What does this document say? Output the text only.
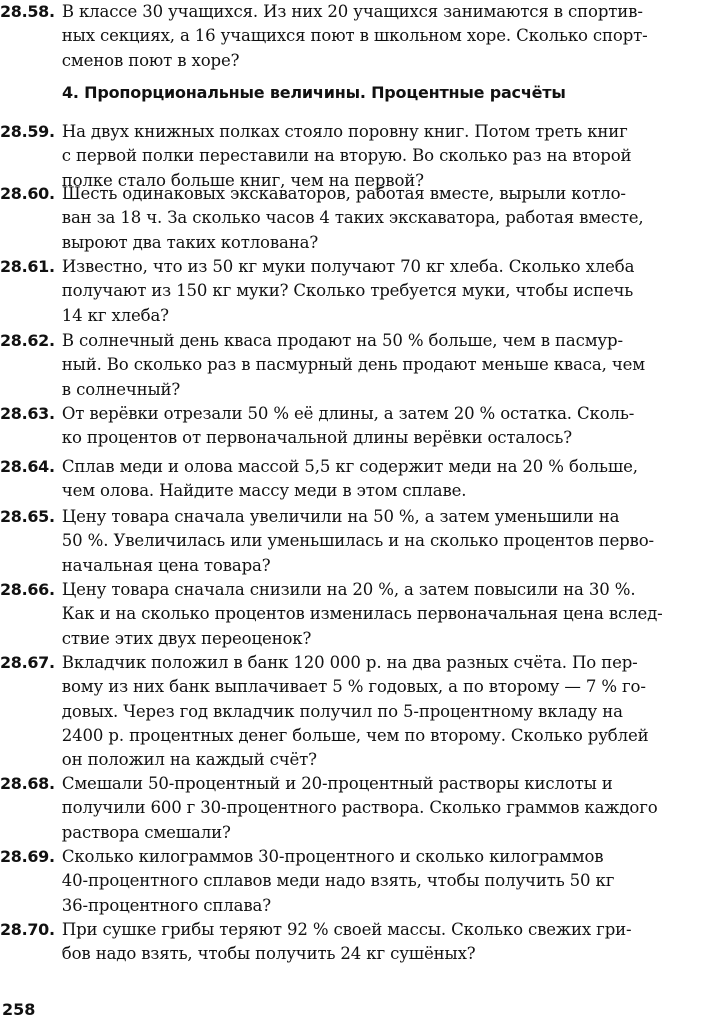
4. Пропорциональные величины. Процентные расчёты
28.58. В классе 30 учащихся. Из них 20 учащихся занимаются в спортив-
ных секциях, а 16 учащихся поют в школьном хоре. Сколько спорт-
сменов поют в хоре?
28.59. На двух книжных полках стояло поровну книг. Потом треть книг
с первой полки переставили на вторую. Во сколько раз на второй
полке стало больше книг, чем на первой?
28.60. Шесть одинаковых экскаваторов, работая вместе, вырыли котло-
ван за 18 ч. За сколько часов 4 таких экскаватора, работая вместе,
выроют два таких котлована?
28.61. Известно, что из 50 кг муки получают 70 кг хлеба. Сколько хлеба
получают из 150 кг муки? Сколько требуется муки, чтобы испечь
14 кг хлеба?
28.62. В солнечный день кваса продают на 50 % больше, чем в пасмур-
ный. Во сколько раз в пасмурный день продают меньше кваса, чем
в солнечный?
28.63. От верёвки отрезали 50 % её длины, а затем 20 % остатка. Сколь-
ко процентов от первоначальной длины верёвки осталось?
28.64. Сплав меди и олова массой 5,5 кг содержит меди на 20 % больше,
чем олова. Найдите массу меди в этом сплаве.
28.65. Цену товара сначала увеличили на 50 %, а затем уменьшили на
50 %. Увеличилась или уменьшилась и на сколько процентов перво-
начальная цена товара?
28.66. Цену товара сначала снизили на 20 %, а затем повысили на 30 %.
Как и на сколько процентов изменилась первоначальная цена вслед-
ствие этих двух переоценок?
28.67. Вкладчик положил в банк 120 000 р. на два разных счёта. По пер-
вому из них банк выплачивает 5 % годовых, а по второму — 7 % го-
довых. Через год вкладчик получил по 5-процентному вкладу на
2400 р. процентных денег больше, чем по второму. Сколько рублей
он положил на каждый счёт?
28.68. Смешали 50-процентный и 20-процентный растворы кислоты и
получили 600 г 30-процентного раствора. Сколько граммов каждого
раствора смешали?
28.69. Сколько килограммов 30-процентного и сколько килограммов
40-процентного сплавов меди надо взять, чтобы получить 50 кг
36-процентного сплава?
28.70. При сушке грибы теряют 92 % своей массы. Сколько свежих гри-
бов надо взять, чтобы получить 24 кг сушёных?
258
